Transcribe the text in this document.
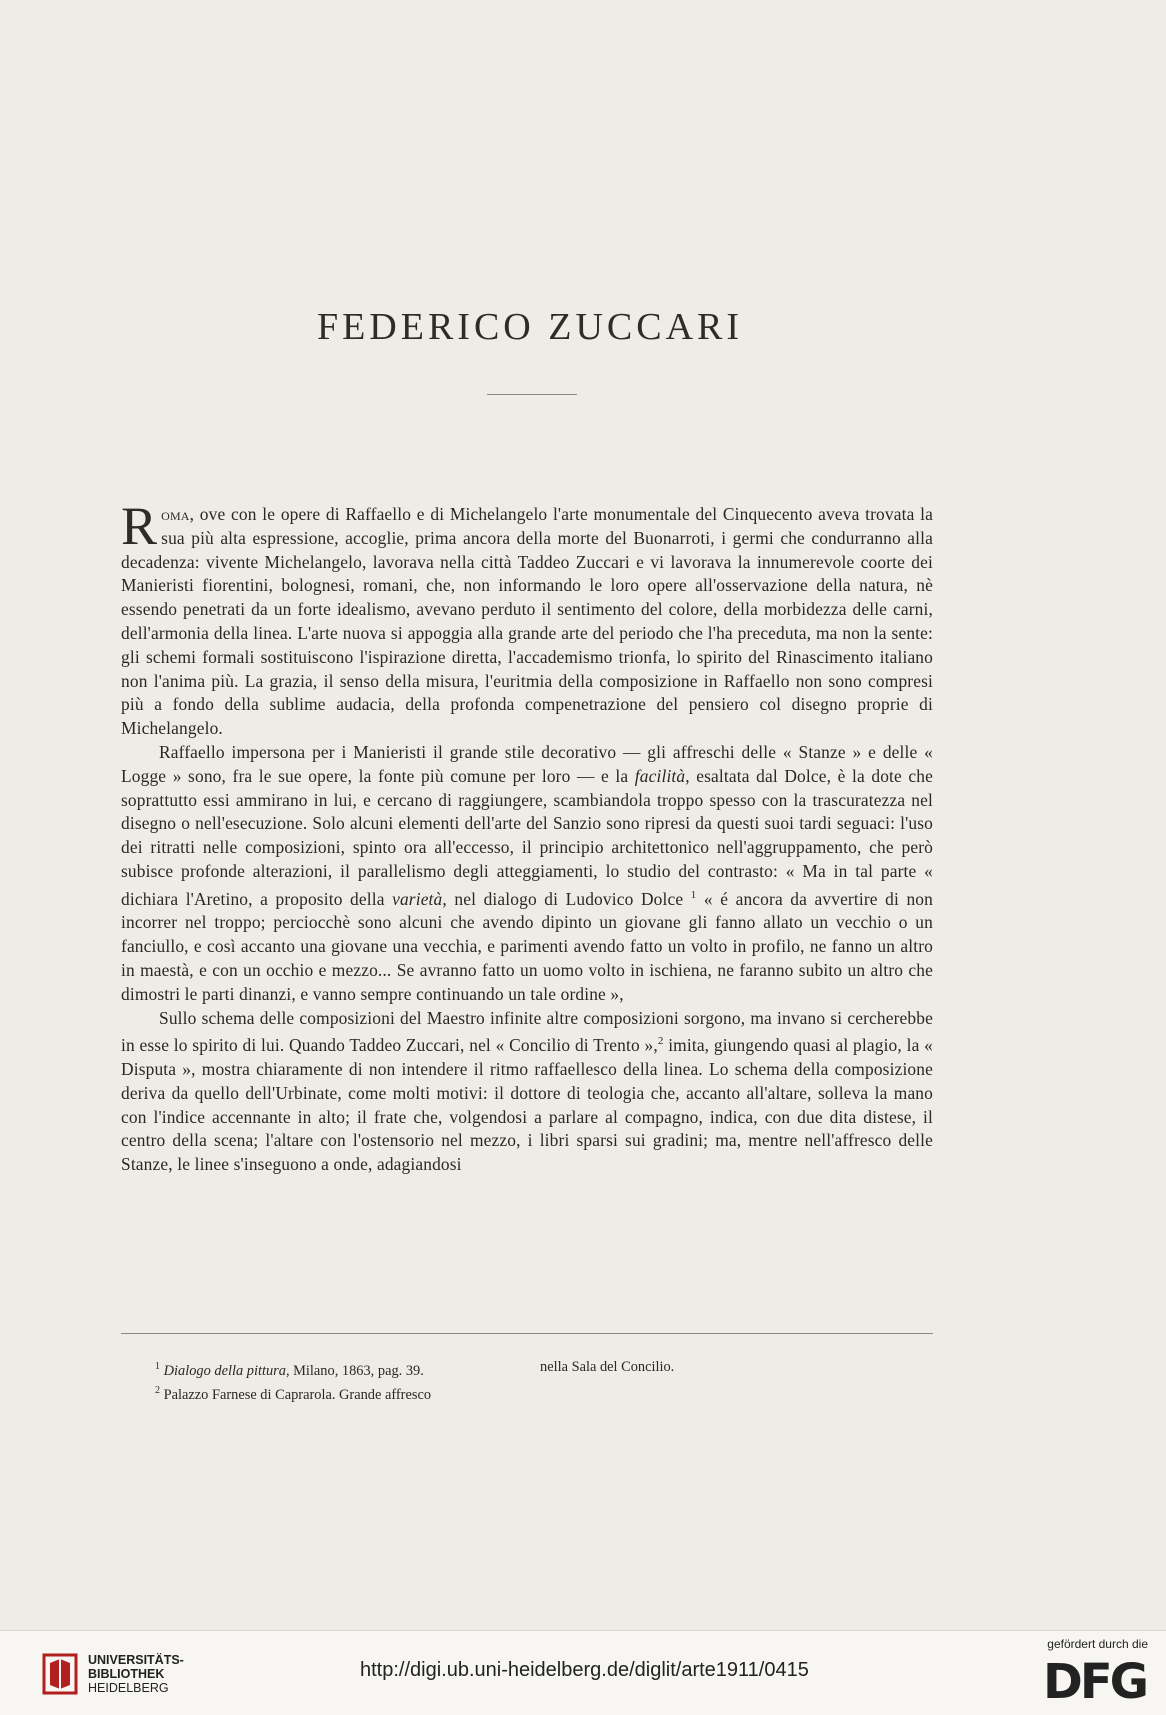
FEDERICO ZUCCARI

Roma, ove con le opere di Raffaello e di Michelangelo l'arte monumentale del Cinquecento aveva trovata la sua più alta espressione, accoglie, prima ancora della morte del Buonarroti, i germi che condurranno alla decadenza: vivente Michelangelo, lavorava nella città Taddeo Zuccari e vi lavorava la innumerevole coorte dei Manieristi fiorentini, bolognesi, romani, che, non informando le loro opere all'osservazione della natura, nè essendo penetrati da un forte idealismo, avevano perduto il sentimento del colore, della morbidezza delle carni, dell'armonia della linea. L'arte nuova si appoggia alla grande arte del periodo che l'ha preceduta, ma non la sente: gli schemi formali sostituiscono l'ispirazione diretta, l'accademismo trionfa, lo spirito del Rinascimento italiano non l'anima più. La grazia, il senso della misura, l'euritmia della composizione in Raffaello non sono compresi più a fondo della sublime audacia, della profonda compenetrazione del pensiero col disegno proprie di Michelangelo.

Raffaello impersona per i Manieristi il grande stile decorativo — gli affreschi delle « Stanze » e delle « Logge » sono, fra le sue opere, la fonte più comune per loro — e la facilità, esaltata dal Dolce, è la dote che soprattutto essi ammirano in lui, e cercano di raggiungere, scambiandola troppo spesso con la trascuratezza nel disegno o nell'esecuzione. Solo alcuni elementi dell'arte del Sanzio sono ripresi da questi suoi tardi seguaci: l'uso dei ritratti nelle composizioni, spinto ora all'eccesso, il principio architettonico nell'aggruppamento, che però subisce profonde alterazioni, il parallelismo degli atteggiamenti, lo studio del contrasto: « Ma in tal parte « dichiara l'Aretino, a proposito della varietà, nel dialogo di Ludovico Dolce $^1$ « é ancora da avvertire di non incorrer nel troppo; perciocchè sono alcuni che avendo dipinto un giovane gli fanno allato un vecchio o un fanciullo, e così accanto una giovane una vecchia, e parimenti avendo fatto un volto in profilo, ne fanno un altro in maestà, e con un occhio e mezzo... Se avranno fatto un uomo volto in ischiena, ne faranno subito un altro che dimostri le parti dinanzi, e vanno sempre continuando un tale ordine »,

Sullo schema delle composizioni del Maestro infinite altre composizioni sorgono, ma invano si cercherebbe in esse lo spirito di lui. Quando Taddeo Zuccari, nel « Concilio di Trento »,$^2$ imita, giungendo quasi al plagio, la « Disputa », mostra chiaramente di non intendere il ritmo raffaellesco della linea. Lo schema della composizione deriva da quello dell'Urbinate, come molti motivi: il dottore di teologia che, accanto all'altare, solleva la mano con l'indice accennante in alto; il frate che, volgendosi a parlare al compagno, indica, con due dita distese, il centro della scena; l'altare con l'ostensorio nel mezzo, i libri sparsi sui gradini; ma, mentre nell'affresco delle Stanze, le linee s'inseguono a onde, adagiandosi

$^1$ Dialogo della pittura, Milano, 1863, pag. 39.
$^2$ Palazzo Farnese di Caprarola. Grande affresco
nella Sala del Concilio.
UNIVERSITÄTS-
BIBLIOTHEK
HEIDELBERG
http://digi.ub.uni-heidelberg.de/diglit/arte1911/0415
gefördert durch die
DFG
